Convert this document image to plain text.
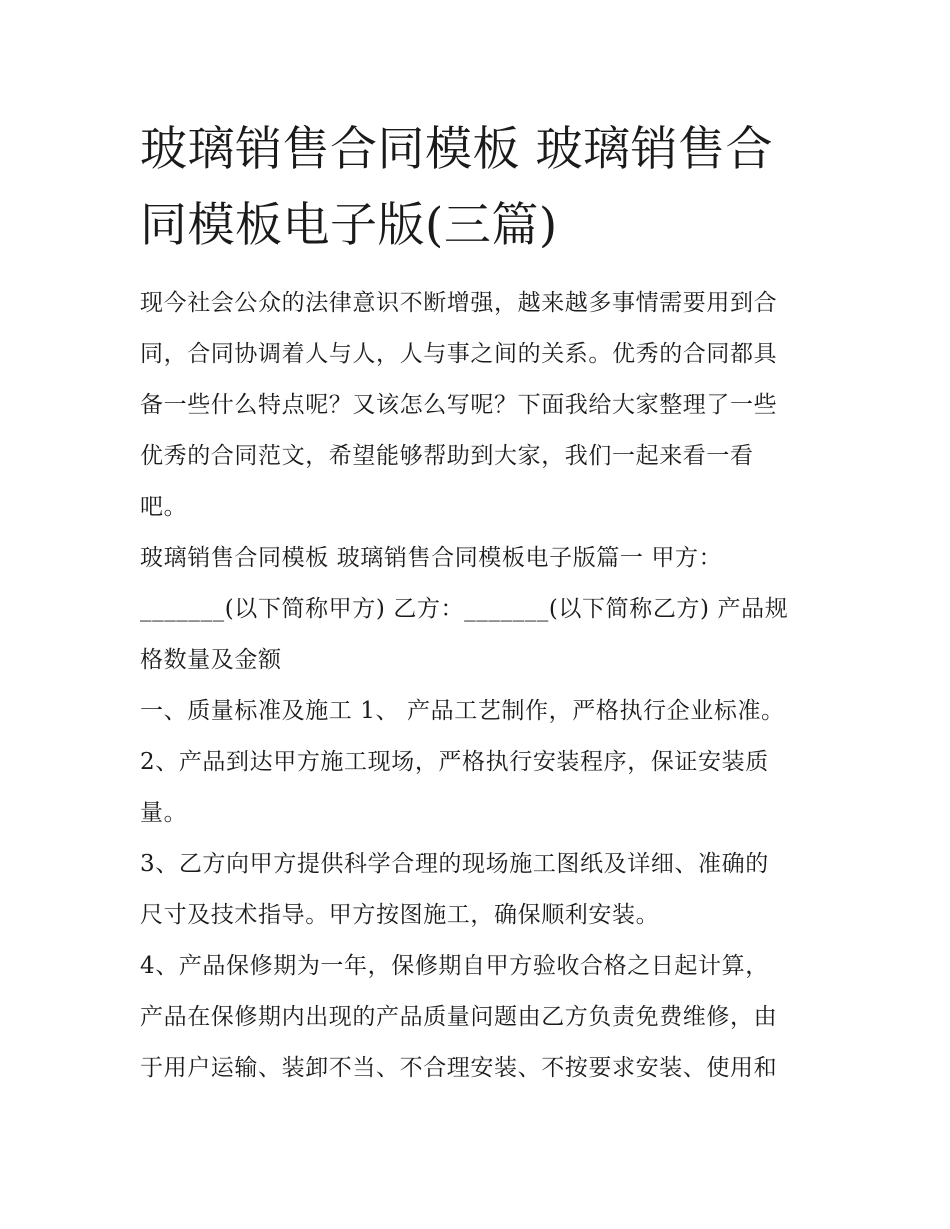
玻璃销售合同模板 玻璃销售合
同模板电子版(三篇)

现今社会公众的法律意识不断增强，越来越多事情需要用到合

同，合同协调着人与人，人与事之间的关系。优秀的合同都具

备一些什么特点呢？又该怎么写呢？下面我给大家整理了一些

优秀的合同范文，希望能够帮助到大家，我们一起来看一看

吧。

玻璃销售合同模板 玻璃销售合同模板电子版篇一 甲方：

_______(以下简称甲方) 乙方：_______(以下简称乙方) 产品规

格数量及金额

一、质量标准及施工 1、 产品工艺制作，严格执行企业标准。

2、产品到达甲方施工现场，严格执行安装程序，保证安装质

量。

3、乙方向甲方提供科学合理的现场施工图纸及详细、准确的

尺寸及技术指导。甲方按图施工，确保顺利安装。

4、产品保修期为一年，保修期自甲方验收合格之日起计算，

产品在保修期内出现的产品质量问题由乙方负责免费维修，由

于用户运输、装卸不当、不合理安装、不按要求安装、使用和
